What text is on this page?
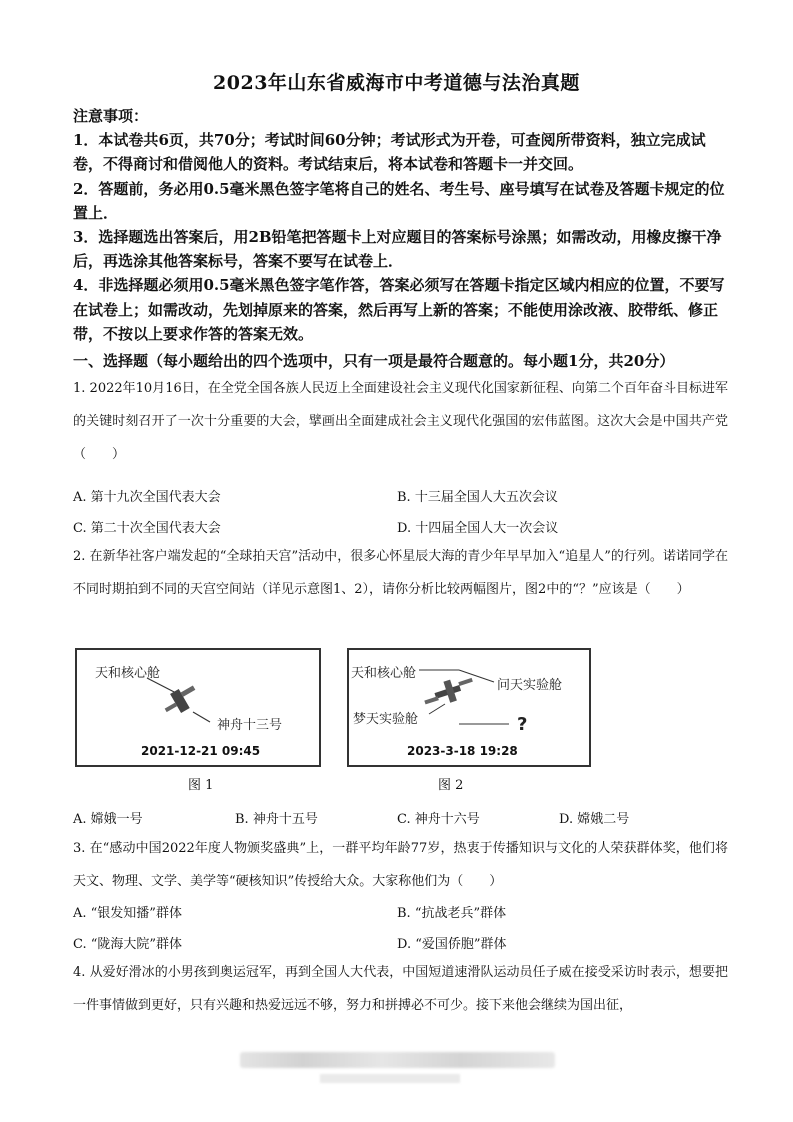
2023年山东省威海市中考道德与法治真题

注意事项：

1．本试卷共6页，共70分；考试时间60分钟；考试形式为开卷，可查阅所带资料，独立完成试卷，不得商讨和借阅他人的资料。考试结束后，将本试卷和答题卡一并交回。

2．答题前，务必用0.5毫米黑色签字笔将自己的姓名、考生号、座号填写在试卷及答题卡规定的位置上．

3．选择题选出答案后，用2B铅笔把答题卡上对应题目的答案标号涂黑；如需改动，用橡皮擦干净后，再选涂其他答案标号，答案不要写在试卷上．

4．非选择题必须用0.5毫米黑色签字笔作答，答案必须写在答题卡指定区域内相应的位置，不要写在试卷上；如需改动，先划掉原来的答案，然后再写上新的答案；不能使用涂改液、胶带纸、修正带，不按以上要求作答的答案无效。

一、选择题（每小题给出的四个选项中，只有一项是最符合题意的。每小题1分，共20分）
1. 2022年10月16日，在全党全国各族人民迈上全面建设社会主义现代化国家新征程、向第二个百年奋斗目标进军的关键时刻召开了一次十分重要的大会，擘画出全面建成社会主义现代化强国的宏伟蓝图。这次大会是中国共产党（　　）
A. 第十九次全国代表大会	B. 十三届全国人大五次会议
C. 第二十次全国代表大会	D. 十四届全国人大一次会议
2. 在新华社客户端发起的“全球拍天宫”活动中，很多心怀星辰大海的青少年早早加入“追星人”的行列。诺诺同学在不同时期拍到不同的天宫空间站（详见示意图1、2），请你分析比较两幅图片，图2中的“？”应该是（　　）
天和核心舱
神舟十三号
2021-12-21 09:45
图 1
天和核心舱
问天实验舱
梦天实验舱	?
2023-3-18 19:28
图 2
A. 嫦娥一号	B. 神舟十五号	C. 神舟十六号	D. 嫦娥二号
3. 在“感动中国2022年度人物颁奖盛典”上，一群平均年龄77岁，热衷于传播知识与文化的人荣获群体奖，他们将天文、物理、文学、美学等“硬核知识”传授给大众。大家称他们为（　　）
A. “银发知播”群体	B. “抗战老兵”群体
C. “陇海大院”群体	D. “爱国侨胞”群体
4. 从爱好滑冰的小男孩到奥运冠军，再到全国人大代表，中国短道速滑队运动员任子威在接受采访时表示，想要把一件事情做到更好，只有兴趣和热爱远远不够，努力和拼搏必不可少。接下来他会继续为国出征，
